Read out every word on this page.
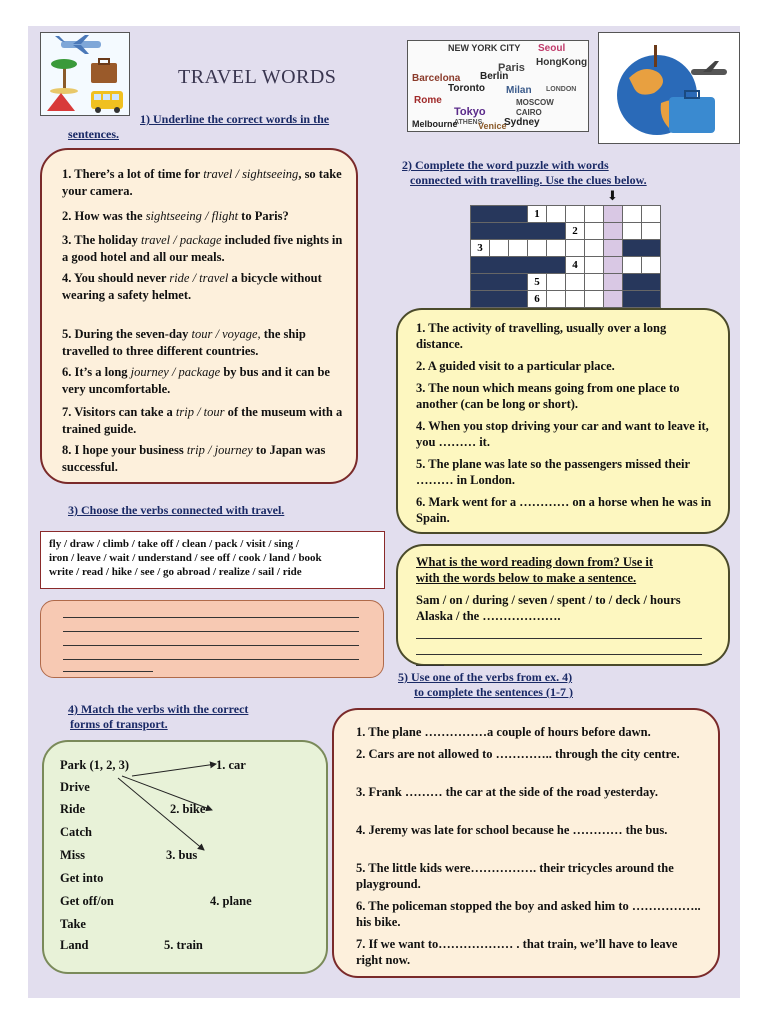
NEW YORK CITY Seoul
HongKong
Paris
Berlin
Barcelona
Toronto Milan LONDON
Rome	MOSCOW
Tokyo	CAIRO
ATHENS Sydney
Melbourne Venice
TRAVEL WORDS
1) Underline the correct words in the
sentences.

1. There’s a lot of time for travel / sightseeing, so take your camera.

2. How was the sightseeing / flight to Paris?

3. The holiday travel / package included five nights in a good hotel and all our meals.

4. You should never ride / travel a bicycle without wearing a safety helmet.

5. During the seven-day tour / voyage, the ship travelled to three different countries.

6. It’s a long journey / package by bus and it can be very uncomfortable.

7. Visitors can take a trip / tour of the museum with a trained guide.

8. I hope your business trip / journey to Japan was successful.

2) Complete the word puzzle with words
connected with travelling. Use the clues below.
⬇
			1						
					2				
3									
					4				
			5						
			6						

1. The activity of travelling, usually over a long distance.

2. A guided visit to a particular place.

3. The noun which means going from one place to another (can be long or short).

4. When you stop driving your car and want to leave it, you ……… it.

5. The plane was late so the passengers missed their ……… in London.

6. Mark went for a ………… on a horse when he was in Spain.

What is the word reading down from? Use it
with the words below to make a sentence.

Sam / on / during / seven / spent / to / deck / hours Alaska / the ……………….

3) Choose the verbs connected with travel.
fly / draw / climb / take off / clean / pack / visit / sing /
iron / leave / wait / understand / see off / cook / land / book
write / read / hike / see / go abroad / realize / sail / ride
4) Match the verbs with the correct
forms of transport.
Park (1, 2, 3)
Drive
Ride
Catch
Miss
Get into
Get off/on
Take
Land
1. car
2. bike
3. bus
4. plane
5. train
5) Use one of the verbs from ex. 4)
to complete the sentences (1-7 )

1. The plane ……………a couple of hours before dawn.

2. Cars are not allowed to ………….. through the city centre.

3. Frank ……… the car at the side of the road yesterday.

4. Jeremy was late for school because he ………… the bus.

5. The little kids were……………. their tricycles around the playground.

6. The policeman stopped the boy and asked him to …………….. his bike.

7. If we want to……………… . that train, we’ll have to leave right now.
